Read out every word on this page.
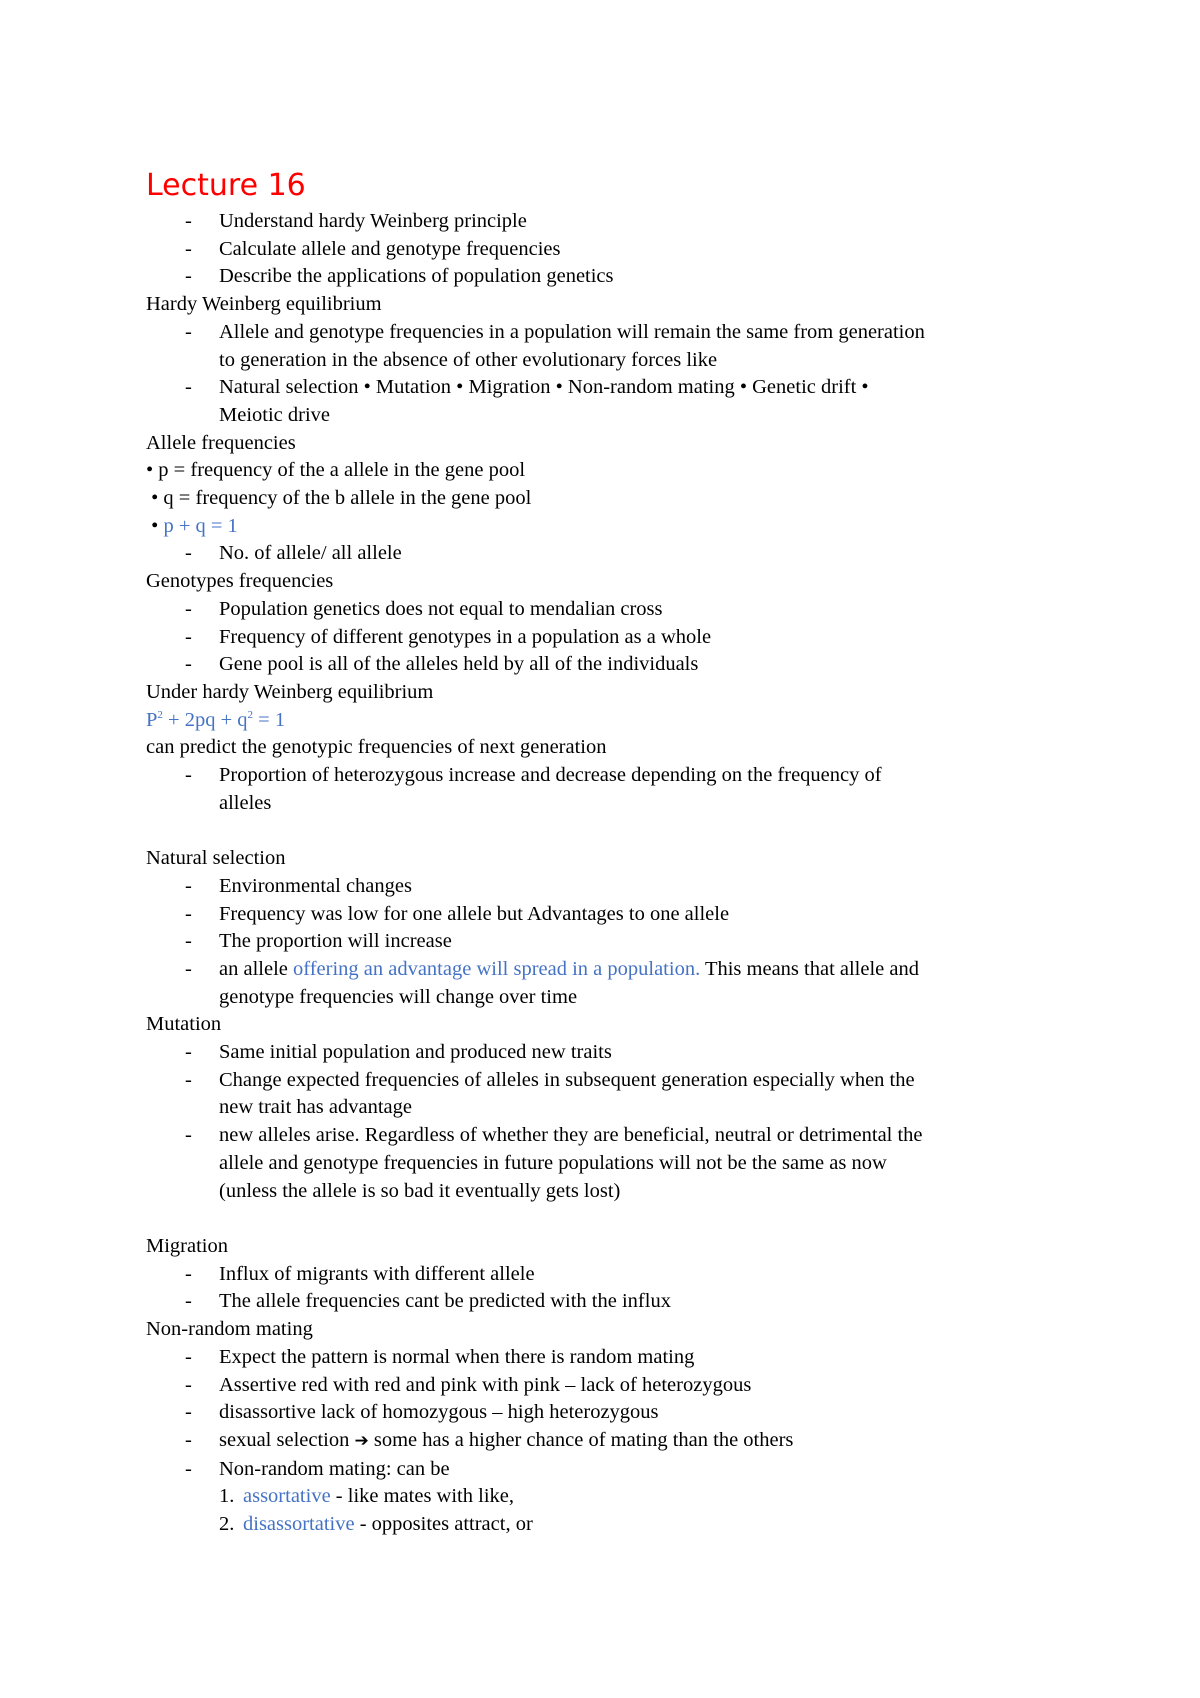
Lecture 16
- Understand hardy Weinberg principle
- Calculate allele and genotype frequencies
- Describe the applications of population genetics
Hardy Weinberg equilibrium
- Allele and genotype frequencies in a population will remain the same from generation
to generation in the absence of other evolutionary forces like
- Natural selection • Mutation • Migration • Non-random mating • Genetic drift •
Meiotic drive
Allele frequencies
• p = frequency of the a allele in the gene pool
• q = frequency of the b allele in the gene pool
• p + q = 1
- No. of allele/ all allele
Genotypes frequencies
- Population genetics does not equal to mendalian cross
- Frequency of different genotypes in a population as a whole
- Gene pool is all of the alleles held by all of the individuals
Under hardy Weinberg equilibrium
$P^2 + 2pq + q^2 = 1$
can predict the genotypic frequencies of next generation
- Proportion of heterozygous increase and decrease depending on the frequency of
alleles
Natural selection
- Environmental changes
- Frequency was low for one allele but Advantages to one allele
- The proportion will increase
- an allele offering an advantage will spread in a population. This means that allele and
genotype frequencies will change over time
Mutation
- Same initial population and produced new traits
- Change expected frequencies of alleles in subsequent generation especially when the
new trait has advantage
- new alleles arise. Regardless of whether they are beneficial, neutral or detrimental the
allele and genotype frequencies in future populations will not be the same as now
(unless the allele is so bad it eventually gets lost)
Migration
- Influx of migrants with different allele
- The allele frequencies cant be predicted with the influx
Non-random mating
- Expect the pattern is normal when there is random mating
- Assertive red with red and pink with pink – lack of heterozygous
- disassortive lack of homozygous – high heterozygous
- sexual selection ➔ some has a higher chance of mating than the others
- Non-random mating: can be
1. assortative - like mates with like,
2. disassortative - opposites attract, or
